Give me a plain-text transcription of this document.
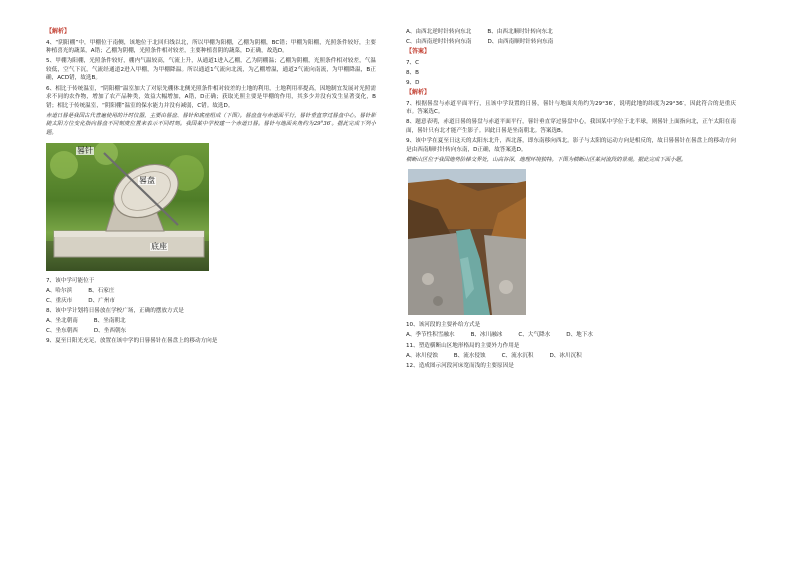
【解析】

4、“阴阳棚”中，甲棚位于南侧，该地位于北回归线以北，所以甲棚为阳棚，乙棚为阴棚，BC错；甲棚为阳棚，光照条件较好，主要种植喜光的蔬菜，A错；乙棚为阴棚，光照条件相对较差，主要种植喜阴的蔬菜，D正确，故选D。

5、甲棚为阳棚，光照条件较好，棚内气温较高，气流上升，从通道1进入乙棚，乙为阴棚温；乙棚为阴棚，光照条件相对较差，气温较低，空气下沉，气流经通道2进入甲棚，为甲棚降温。所以通道1气流向北流，为乙棚增温，通道2气流向南流，为甲棚降温，B正确，ACD错，故选B。

6、相比于传统温室，“阴阳棚”温室加大了对原先棚体北侧光照条件相对较差的土地的利用，土地利用率提高，因地制宜发展对光照需求不同的农作物，增加了农产品种类，效益大幅增加，A错，D正确；获取光照主要是甲棚的作用，其多少并没有发生显著变化，B错；相比于传统温室，“阴阳棚”温室的保水能力并没有减弱，C错。故选D。

赤道日晷是我国古代普遍使用的计时仪器，主要由晷盘、晷针和底座组成（下图）。晷盘盘与赤道面平行，晷针垂直穿过晷盘中心，晷针影随太阳方位变化指向晷盘不同刻度位置来表示不同时刻。我国某中学校建一个赤道日晷。晷针与地面夹角约为29°36′。据此完成下列小题。

晷针
晷盘
底座

7、该中学可能位于

A、哈尔滨	B、石家庄
C、重庆市	D、广州市

8、该中学计划将日晷放在学校广场，正确的摆放方式是

A、坐北朝南	B、坐南朝北
C、坐东朝西	D、坐西朝东

9、夏至日阳光充足，放置在该中学的日晷晷针在晷盘上的移动方向是

A、由西北逆时针转向东北	B、由西北顺时针转向东北
C、由西南逆时针转向东南	D、由西南顺时针转向东南

【答案】

7、C

8、B

9、D

【解析】

7、根据晷盘与赤道平面平行，且该中学设置的日晷，晷针与地面夹角约为29°36′，说明此地的纬度为29°36′，因此符合的是重庆市。答案选C。

8、题意表明，赤道日晷的晷盘与赤道平面平行，晷针垂直穿过晷盘中心，我国某中学位于北半球，则晷针上面指向北，正午太阳在南面，晷针只有北才能产生影子。因此日晷是坐南朝北。答案选B。

9、该中学在夏至日这天的太阳东北升，西北落，即东南移向西北。影子与太阳的运动方向是相反的，故日晷晷针在晷盘上的移动方向是由西南顺时针转向东南，D正确，故答案选D。

横断山区位于我国地势阶梯交界处，山高谷深，地理环境独特。下图为横断山区某河流段的景观。据此完成下面小题。

10、该河段的主要补给方式是

A、季节性积雪融水	B、冰川融冰	C、大气降水	D、地下水

11、塑造横断山区地形格局的主要外力作用是

A、冰川侵蚀	B、流水侵蚀	C、流水沉积	D、冰川沉积

12、造成图示河段河床宽而浅的主要原因是
